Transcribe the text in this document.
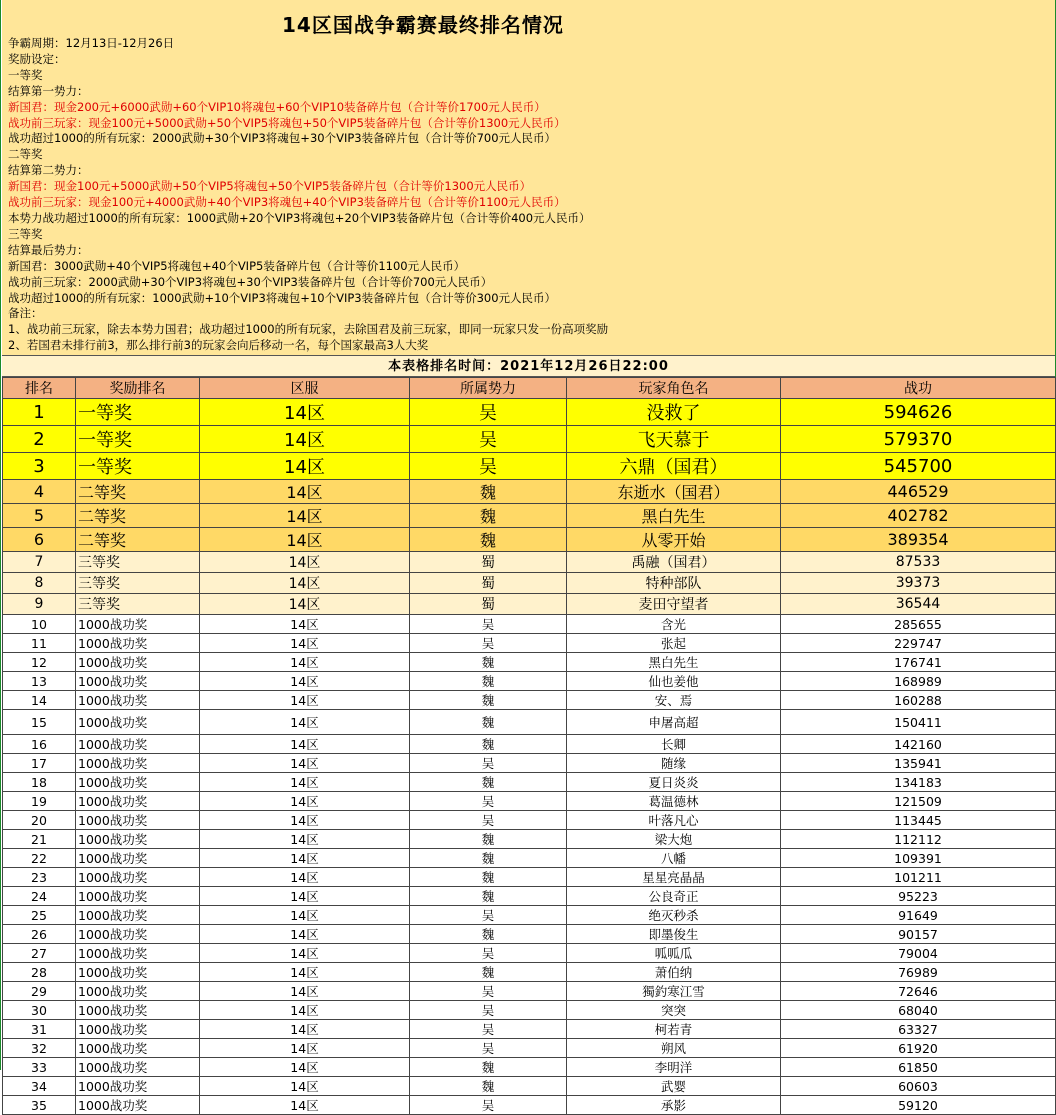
14区国战争霸赛最终排名情况
争霸周期：12月13日-12月26日
奖励设定：
一等奖
结算第一势力：
新国君：现金200元+6000武勋+60个VIP10将魂包+60个VIP10装备碎片包（合计等价1700元人民币）
战功前三玩家：现金100元+5000武勋+50个VIP5将魂包+50个VIP5装备碎片包（合计等价1300元人民币）
战功超过1000的所有玩家：2000武勋+30个VIP3将魂包+30个VIP3装备碎片包（合计等价700元人民币）
二等奖
结算第二势力：
新国君：现金100元+5000武勋+50个VIP5将魂包+50个VIP5装备碎片包（合计等价1300元人民币）
战功前三玩家：现金100元+4000武勋+40个VIP3将魂包+40个VIP3装备碎片包（合计等价1100元人民币）
本势力战功超过1000的所有玩家：1000武勋+20个VIP3将魂包+20个VIP3装备碎片包（合计等价400元人民币）
三等奖
结算最后势力：
新国君：3000武勋+40个VIP5将魂包+40个VIP5装备碎片包（合计等价1100元人民币）
战功前三玩家：2000武勋+30个VIP3将魂包+30个VIP3装备碎片包（合计等价700元人民币）
战功超过1000的所有玩家：1000武勋+10个VIP3将魂包+10个VIP3装备碎片包（合计等价300元人民币）
备注：
1、战功前三玩家，除去本势力国君；战功超过1000的所有玩家，去除国君及前三玩家，即同一玩家只发一份高项奖励
2、若国君未排行前3，那么排行前3的玩家会向后移动一名，每个国家最高3人大奖
本表格排名时间：2021年12月26日22:00
排名	奖励排名	区服	所属势力	玩家角色名	战功
1	一等奖	14区	吴	没救了	594626
2	一等奖	14区	吴	飞天慕于	579370
3	一等奖	14区	吴	六鼎（国君）	545700
4	二等奖	14区	魏	东逝水（国君）	446529
5	二等奖	14区	魏	黑白先生	402782
6	二等奖	14区	魏	从零开始	389354
7	三等奖	14区	蜀	禹融（国君）	87533
8	三等奖	14区	蜀	特种部队	39373
9	三等奖	14区	蜀	麦田守望者	36544
10	1000战功奖	14区	吴	含光	285655
11	1000战功奖	14区	吴	张起	229747
12	1000战功奖	14区	魏	黑白先生	176741
13	1000战功奖	14区	魏	仙也姜他	168989
14	1000战功奖	14区	魏	安、焉	160288
15	1000战功奖	14区	魏	申屠高超	150411
16	1000战功奖	14区	魏	长卿	142160
17	1000战功奖	14区	吴	随缘	135941
18	1000战功奖	14区	魏	夏日炎炎	134183
19	1000战功奖	14区	吴	葛温德林	121509
20	1000战功奖	14区	吴	叶落凡心	113445
21	1000战功奖	14区	魏	梁大炮	112112
22	1000战功奖	14区	魏	八幡	109391
23	1000战功奖	14区	魏	星星亮晶晶	101211
24	1000战功奖	14区	魏	公良奇正	95223
25	1000战功奖	14区	吴	绝灭秒杀	91649
26	1000战功奖	14区	魏	即墨俊生	90157
27	1000战功奖	14区	吴	呱呱瓜	79004
28	1000战功奖	14区	魏	萧伯纳	76989
29	1000战功奖	14区	吴	獨釣寒江雪	72646
30	1000战功奖	14区	吴	突突	68040
31	1000战功奖	14区	吴	柯若青	63327
32	1000战功奖	14区	吴	朔风	61920
33	1000战功奖	14区	魏	李明洋	61850
34	1000战功奖	14区	魏	武婴	60603
35	1000战功奖	14区	吴	承影	59120
